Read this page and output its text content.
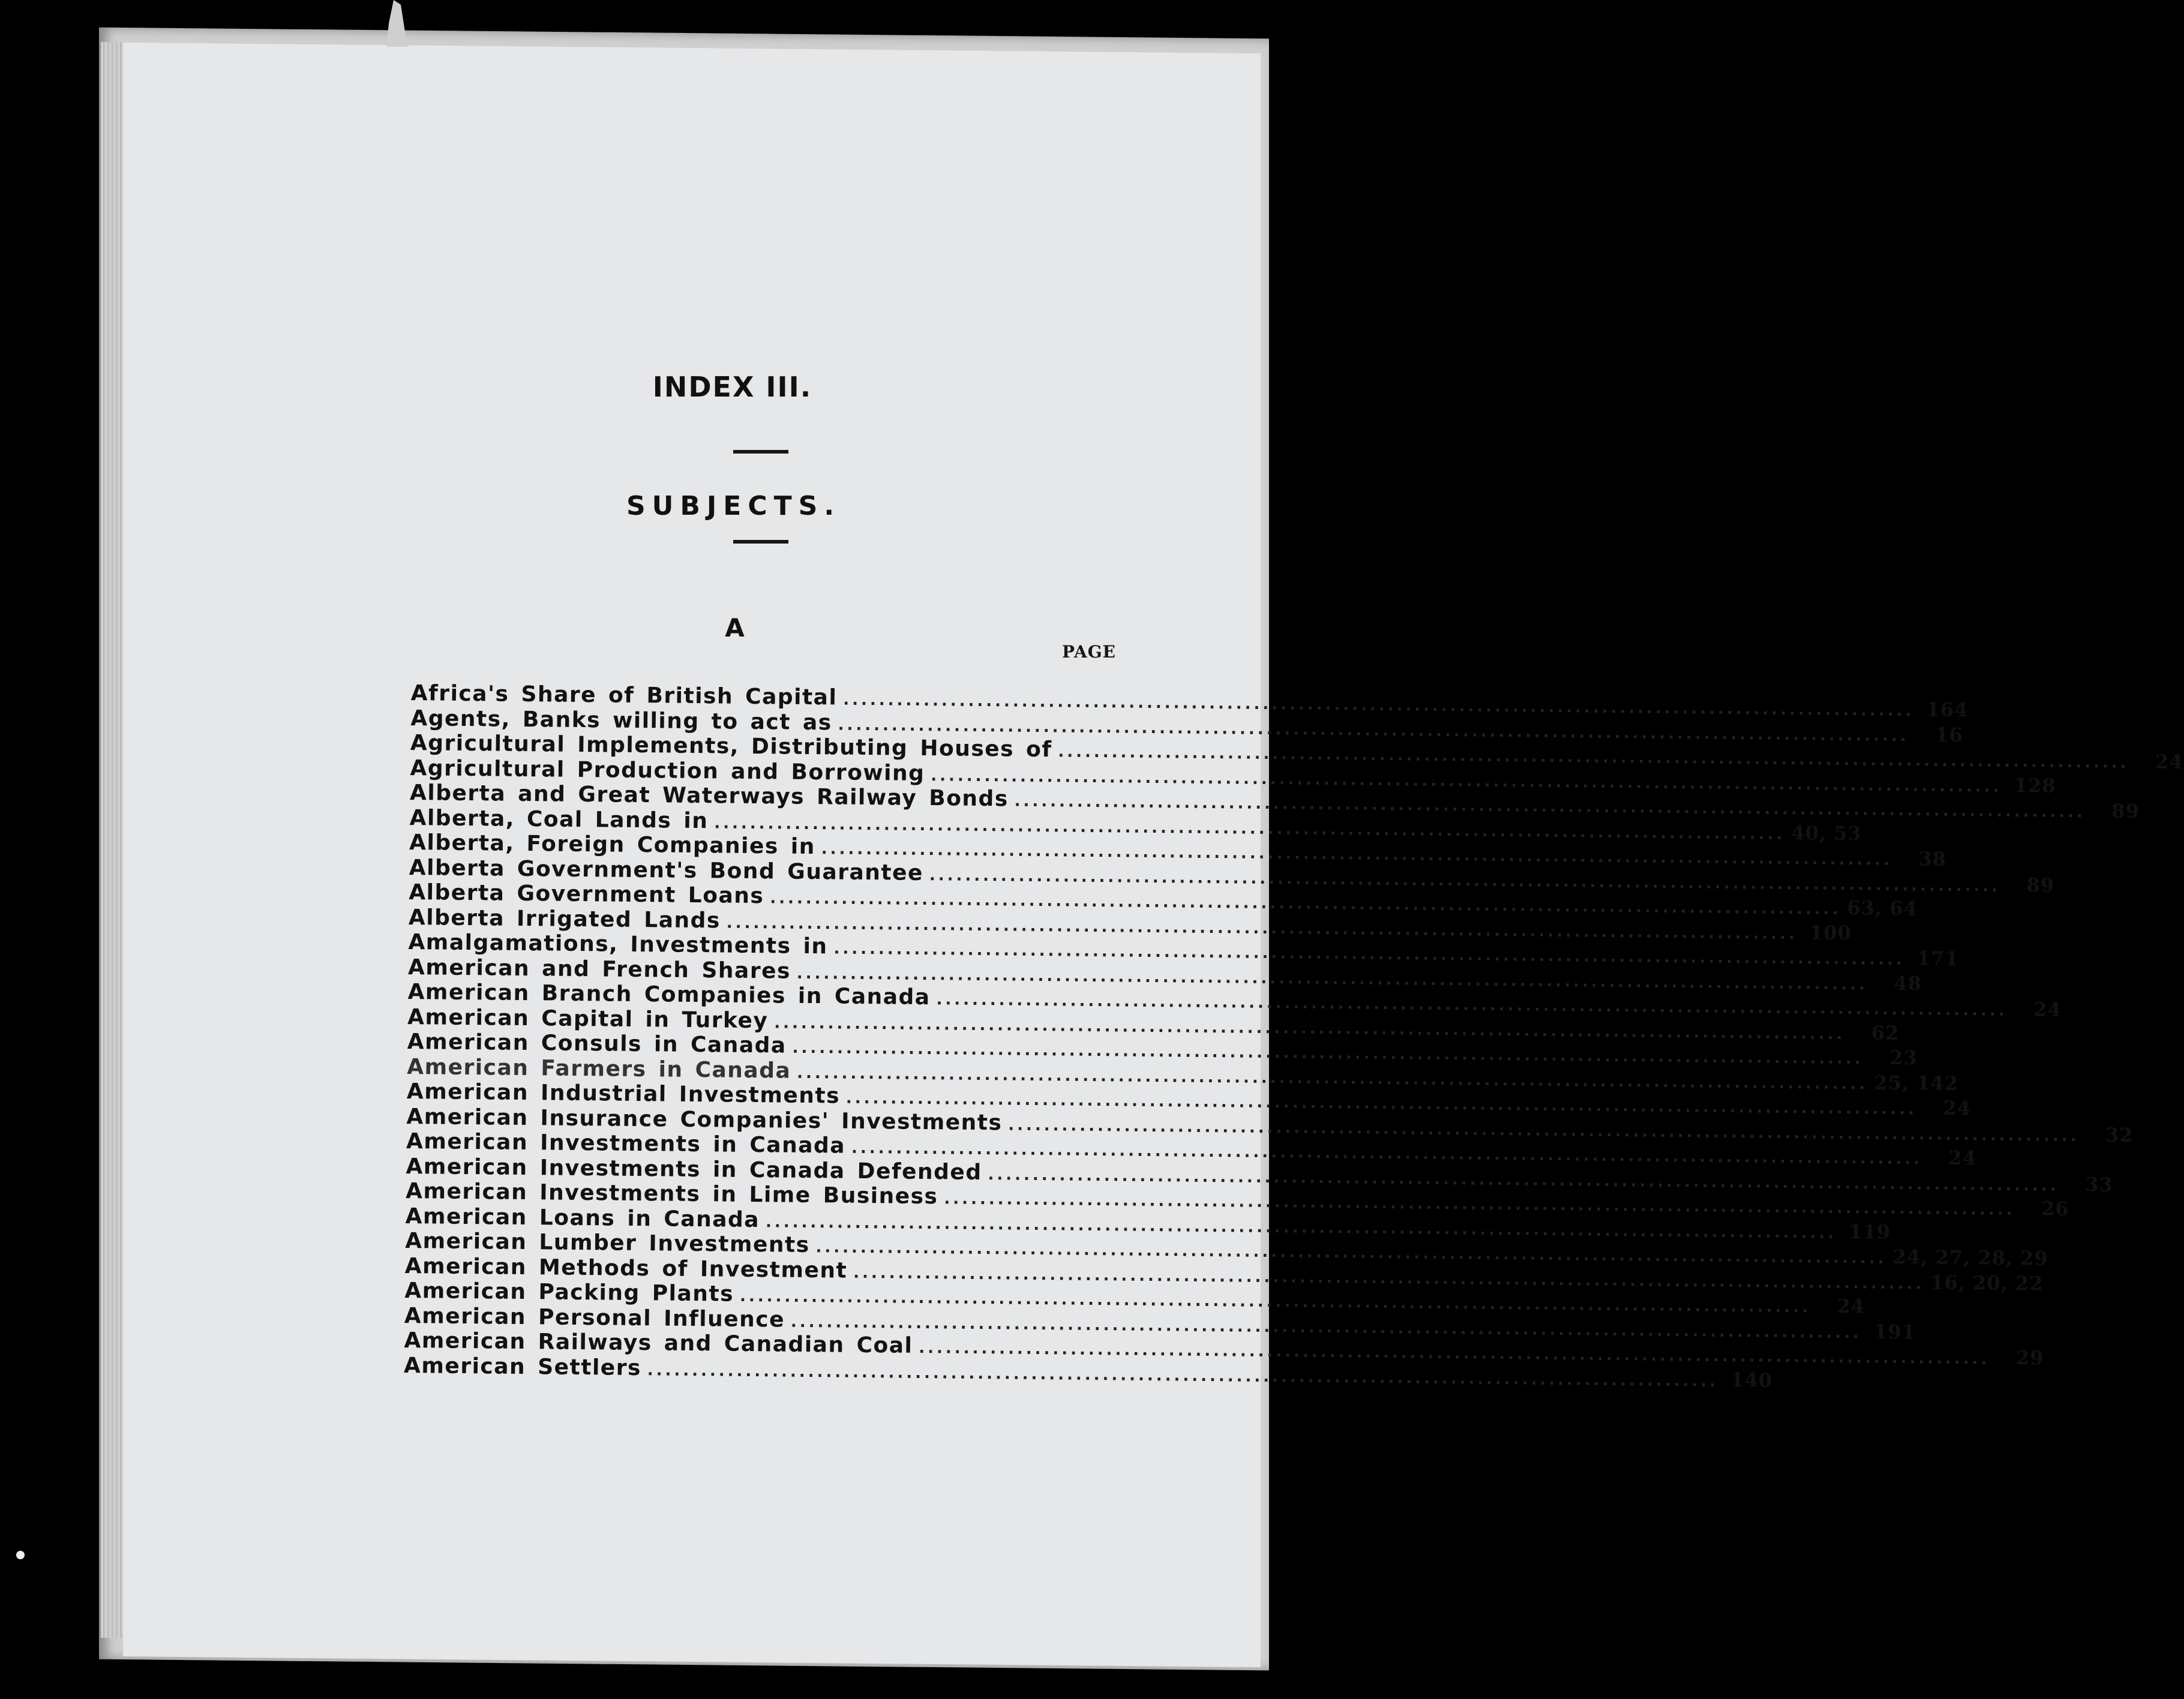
INDEX III.
SUBJECTS.
A
PAGE
Africa's Share of British Capital ........................................................................................................................ 164
Agents, Banks willing to act as ........................................................................................................................	16
Agricultural Implements, Distributing Houses of ........................................................................................................................	24
Agricultural Production and Borrowing ........................................................................................................................ 128
Alberta and Great Waterways Railway Bonds ........................................................................................................................	89
Alberta, Coal Lands in ........................................................................................................................ 40, 53
Alberta, Foreign Companies in ........................................................................................................................	38
Alberta Government's Bond Guarantee ........................................................................................................................	89
Alberta Government Loans ........................................................................................................................ 63, 64
Alberta Irrigated Lands ........................................................................................................................ 100
Amalgamations, Investments in ........................................................................................................................ 171
American and French Shares ........................................................................................................................	48
American Branch Companies in Canada ........................................................................................................................	24
American Capital in Turkey ........................................................................................................................	62
American Consuls in Canada ........................................................................................................................	23
American Farmers in Canada ........................................................................................................................ 25, 142
American Industrial Investments ........................................................................................................................	24
American Insurance Companies' Investments ........................................................................................................................	32
American Investments in Canada ........................................................................................................................	24
American Investments in Canada Defended ........................................................................................................................	33
American Investments in Lime Business ........................................................................................................................	26
American Loans in Canada ........................................................................................................................ 119
American Lumber Investments ........................................................................................................................ 24, 27, 28, 29
American Methods of Investment ........................................................................................................................ 16, 20, 22
American Packing Plants ........................................................................................................................	24
American Personal Influence ........................................................................................................................ 191
American Railways and Canadian Coal ........................................................................................................................	29
American Settlers ........................................................................................................................ 140
